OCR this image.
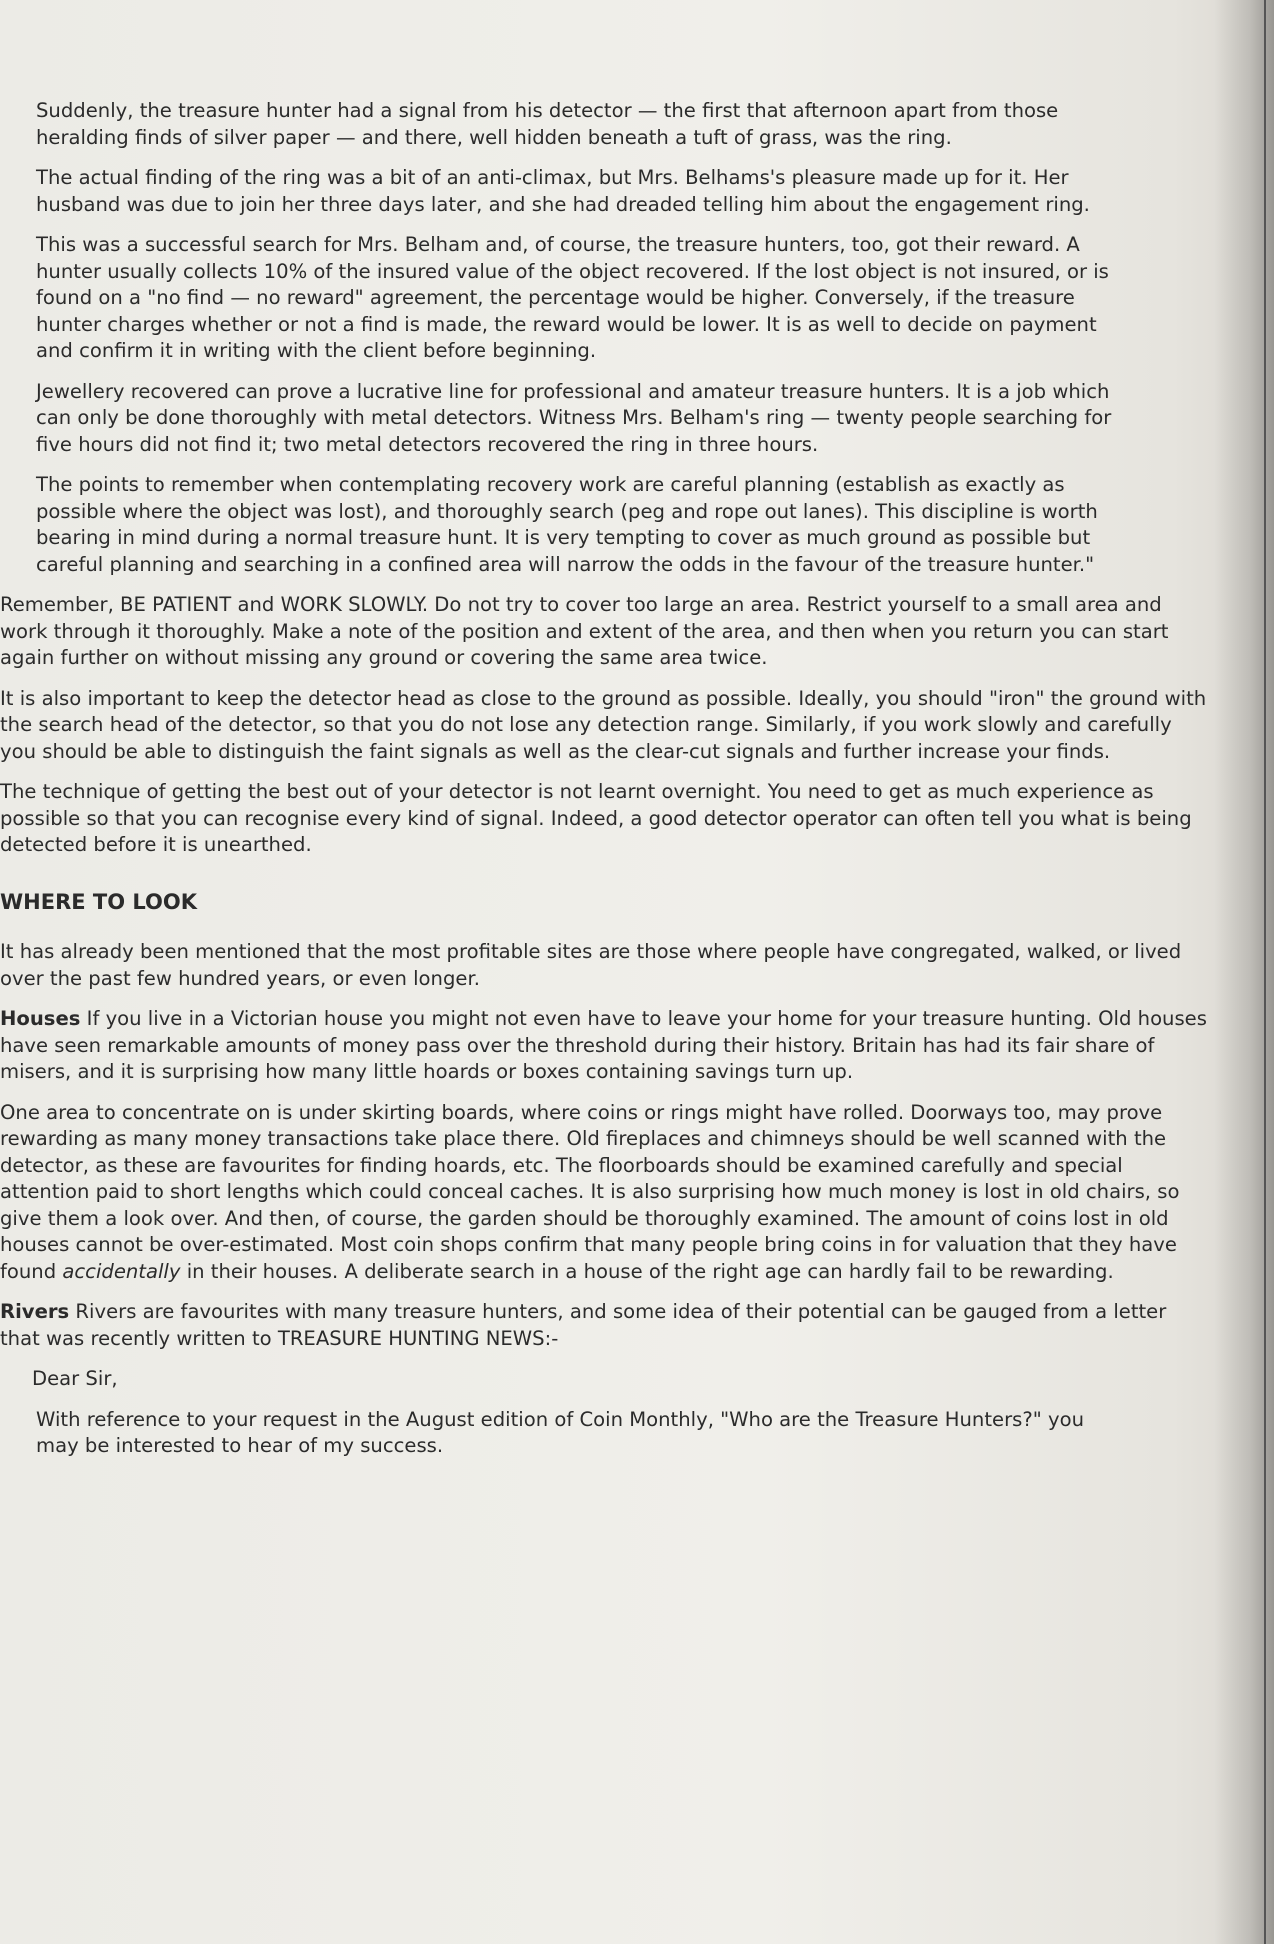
Suddenly, the treasure hunter had a signal from his detector — the first that afternoon apart from those heralding finds of silver paper — and there, well hidden beneath a tuft of grass, was the ring.

The actual finding of the ring was a bit of an anti-climax, but Mrs. Belhams's pleasure made up for it. Her husband was due to join her three days later, and she had dreaded telling him about the engagement ring.

This was a successful search for Mrs. Belham and, of course, the treasure hunters, too, got their reward. A hunter usually collects 10% of the insured value of the object recovered. If the lost object is not insured, or is found on a "no find — no reward" agreement, the percentage would be higher. Conversely, if the treasure hunter charges whether or not a find is made, the reward would be lower. It is as well to decide on payment and confirm it in writing with the client before beginning.

Jewellery recovered can prove a lucrative line for professional and amateur treasure hunters. It is a job which can only be done thoroughly with metal detectors. Witness Mrs. Belham's ring — twenty people searching for five hours did not find it; two metal detectors recovered the ring in three hours.

The points to remember when contemplating recovery work are careful planning (establish as exactly as possible where the object was lost), and thoroughly search (peg and rope out lanes). This discipline is worth bearing in mind during a normal treasure hunt. It is very tempting to cover as much ground as possible but careful planning and searching in a confined area will narrow the odds in the favour of the treasure hunter."

Remember, BE PATIENT and WORK SLOWLY. Do not try to cover too large an area. Restrict yourself to a small area and work through it thoroughly. Make a note of the position and extent of the area, and then when you return you can start again further on without missing any ground or covering the same area twice.

It is also important to keep the detector head as close to the ground as possible. Ideally, you should "iron" the ground with the search head of the detector, so that you do not lose any detection range. Similarly, if you work slowly and carefully you should be able to distinguish the faint signals as well as the clear-cut signals and further increase your finds.

The technique of getting the best out of your detector is not learnt overnight. You need to get as much experience as possible so that you can recognise every kind of signal. Indeed, a good detector operator can often tell you what is being detected before it is unearthed.

WHERE TO LOOK

It has already been mentioned that the most profitable sites are those where people have congregated, walked, or lived over the past few hundred years, or even longer.

Houses If you live in a Victorian house you might not even have to leave your home for your treasure hunting. Old houses have seen remarkable amounts of money pass over the threshold during their history. Britain has had its fair share of misers, and it is surprising how many little hoards or boxes containing savings turn up.

One area to concentrate on is under skirting boards, where coins or rings might have rolled. Doorways too, may prove rewarding as many money transactions take place there. Old fireplaces and chimneys should be well scanned with the detector, as these are favourites for finding hoards, etc. The floorboards should be examined carefully and special attention paid to short lengths which could conceal caches. It is also surprising how much money is lost in old chairs, so give them a look over. And then, of course, the garden should be thoroughly examined. The amount of coins lost in old houses cannot be over-estimated. Most coin shops confirm that many people bring coins in for valuation that they have found accidentally in their houses. A deliberate search in a house of the right age can hardly fail to be rewarding.

Rivers Rivers are favourites with many treasure hunters, and some idea of their potential can be gauged from a letter that was recently written to TREASURE HUNTING NEWS:-

Dear Sir,

With reference to your request in the August edition of Coin Monthly, "Who are the Treasure Hunters?" you may be interested to hear of my success.
